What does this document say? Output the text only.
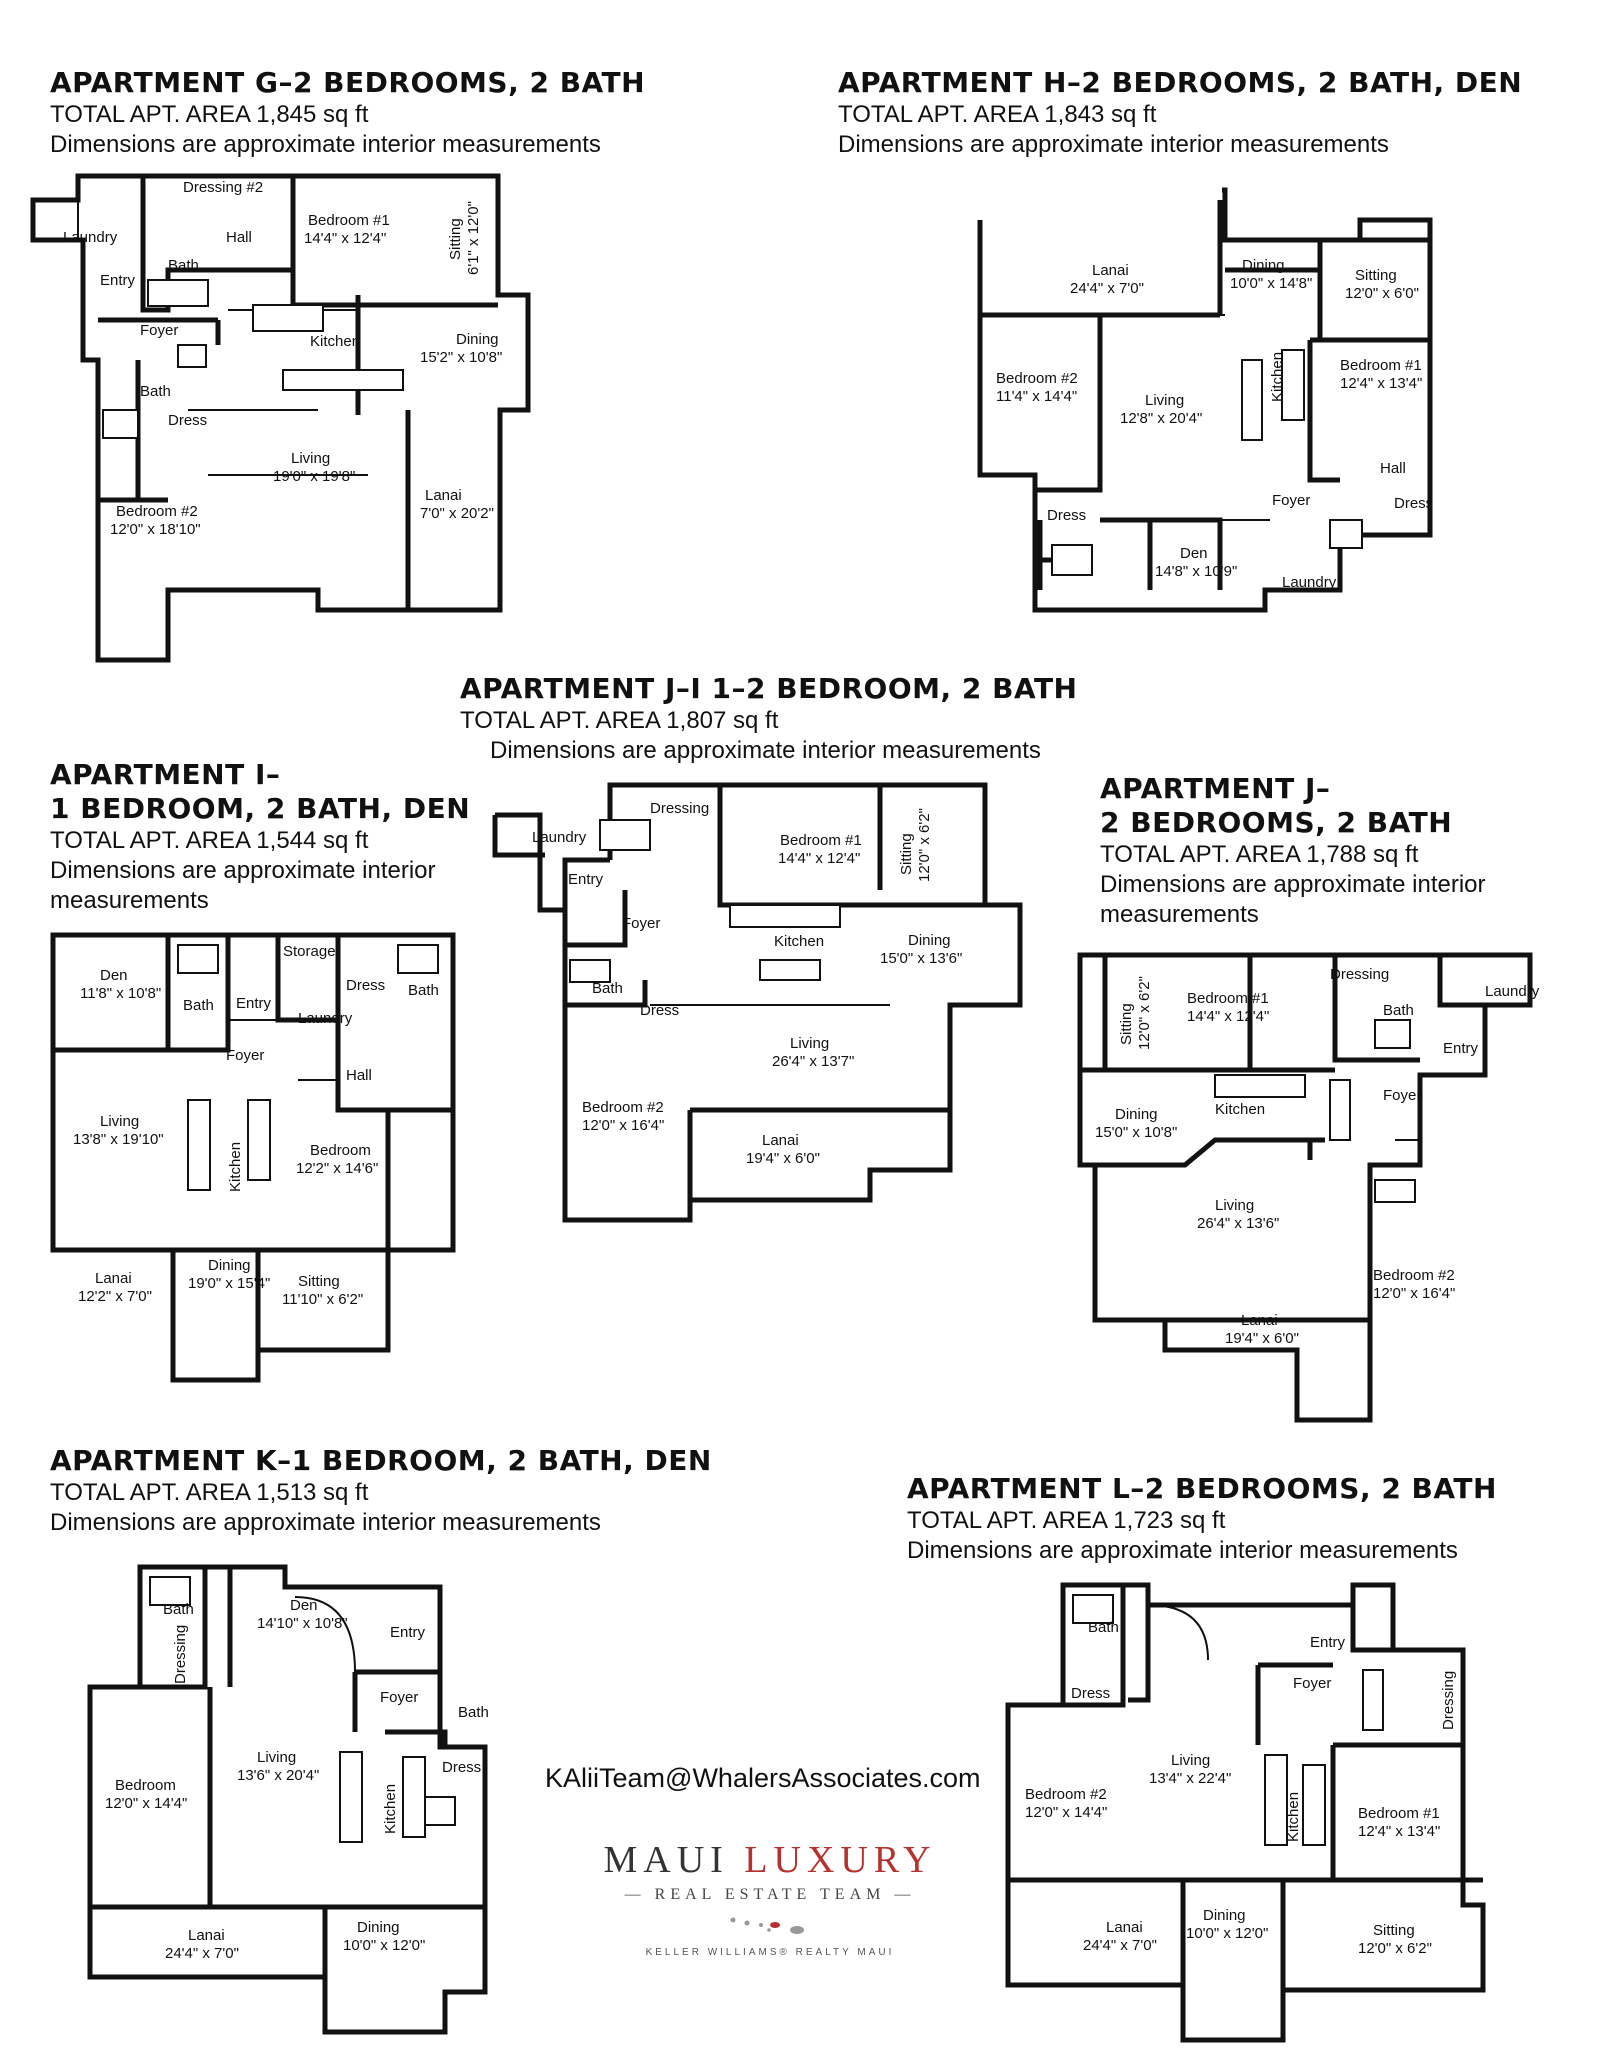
APARTMENT G–2 BEDROOMS, 2 BATH
TOTAL APT. AREA 1,845 sq ft
Dimensions are approximate interior measurements
Dressing #2
Bedroom #1
14'4" x 12'4"	Sitting 6'1" x 12'0"
Laundry
Bath
Hall
Entry
Foyer
Kitchen	Dining
15'2" x 10'8"
Bath
Dress
Living
19'0" x 19'8"
Bedroom #2
12'0" x 18'10"
Lanai
7'0" x 20'2"
APARTMENT H–2 BEDROOMS, 2 BATH, DEN
TOTAL APT. AREA 1,843 sq ft
Dimensions are approximate interior measurements
Lanai
24'4" x 7'0"
Dining
10'0" x 14'8"	Sitting
12'0" x 6'0"
Bedroom #2
11'4" x 14'4"	Living
12'8" x 20'4"
Kitchen	Bedroom #1
12'4" x 13'4"
Hall
Foyer
Dress
Dress
Den
14'8" x 10'9"
Laundry
APARTMENT J–I 1–2 BEDROOM, 2 BATH
TOTAL APT. AREA 1,807 sq ft
Dimensions are approximate interior measurements
Laundry
Dressing
Bedroom #1
14'4" x 12'4"	Sitting 12'0" x 6'2"
Entry
Foyer
Kitchen	Dining
15'0" x 13'6"
Bath
Dress
Living
26'4" x 13'7"
Bedroom #2
12'0" x 16'4"
Lanai
19'4" x 6'0"
APARTMENT I–
1 BEDROOM, 2 BATH, DEN
TOTAL APT. AREA 1,544 sq ft
Dimensions are approximate interior
measurements
Den
11'8" x 10'8"
Storage
Dress
Bath
Bath
Entry
Laundry
Foyer
Hall
Living
13'8" x 19'10"
Kitchen	Bedroom
12'2" x 14'6"
Lanai
12'2" x 7'0"
Dining
19'0" x 15'4" Sitting
11'10" x 6'2"
APARTMENT J–
2 BEDROOMS, 2 BATH
TOTAL APT. AREA 1,788 sq ft
Dimensions are approximate interior
measurements
Sitting 12'0" x 6'2" Bedroom #1
14'4" x 12'4"
Dressing
Bath
Laundry
Entry
Kitchen
Foyer
Dining
15'0" x 10'8"
Living
26'4" x 13'6"
Bedroom #2
12'0" x 16'4"
Lanai
19'4" x 6'0"
APARTMENT K–1 BEDROOM, 2 BATH, DEN
TOTAL APT. AREA 1,513 sq ft
Dimensions are approximate interior measurements
Bath	Den
14'10" x 10'8"
Entry
Dressing
Foyer
Bath
Dress
Living
13'6" x 20'4"
Bedroom
12'0" x 14'4"	Kitchen
Lanai
24'4" x 7'0"
Dining
10'0" x 12'0"
KAliiTeam@WhalersAssociates.com
MAUI LUXURY
— REAL ESTATE TEAM —
KELLER WILLIAMS® REALTY MAUI
APARTMENT L–2 BEDROOMS, 2 BATH
TOTAL APT. AREA 1,723 sq ft
Dimensions are approximate interior measurements
Bath
Entry
Dress
Foyer	Dressing
Living
13'4" x 22'4"
Bedroom #2
12'0" x 14'4"	Kitchen	Bedroom #1
12'4" x 13'4"
Lanai
24'4" x 7'0"
Dining
10'0" x 12'0"	Sitting
12'0" x 6'2"
